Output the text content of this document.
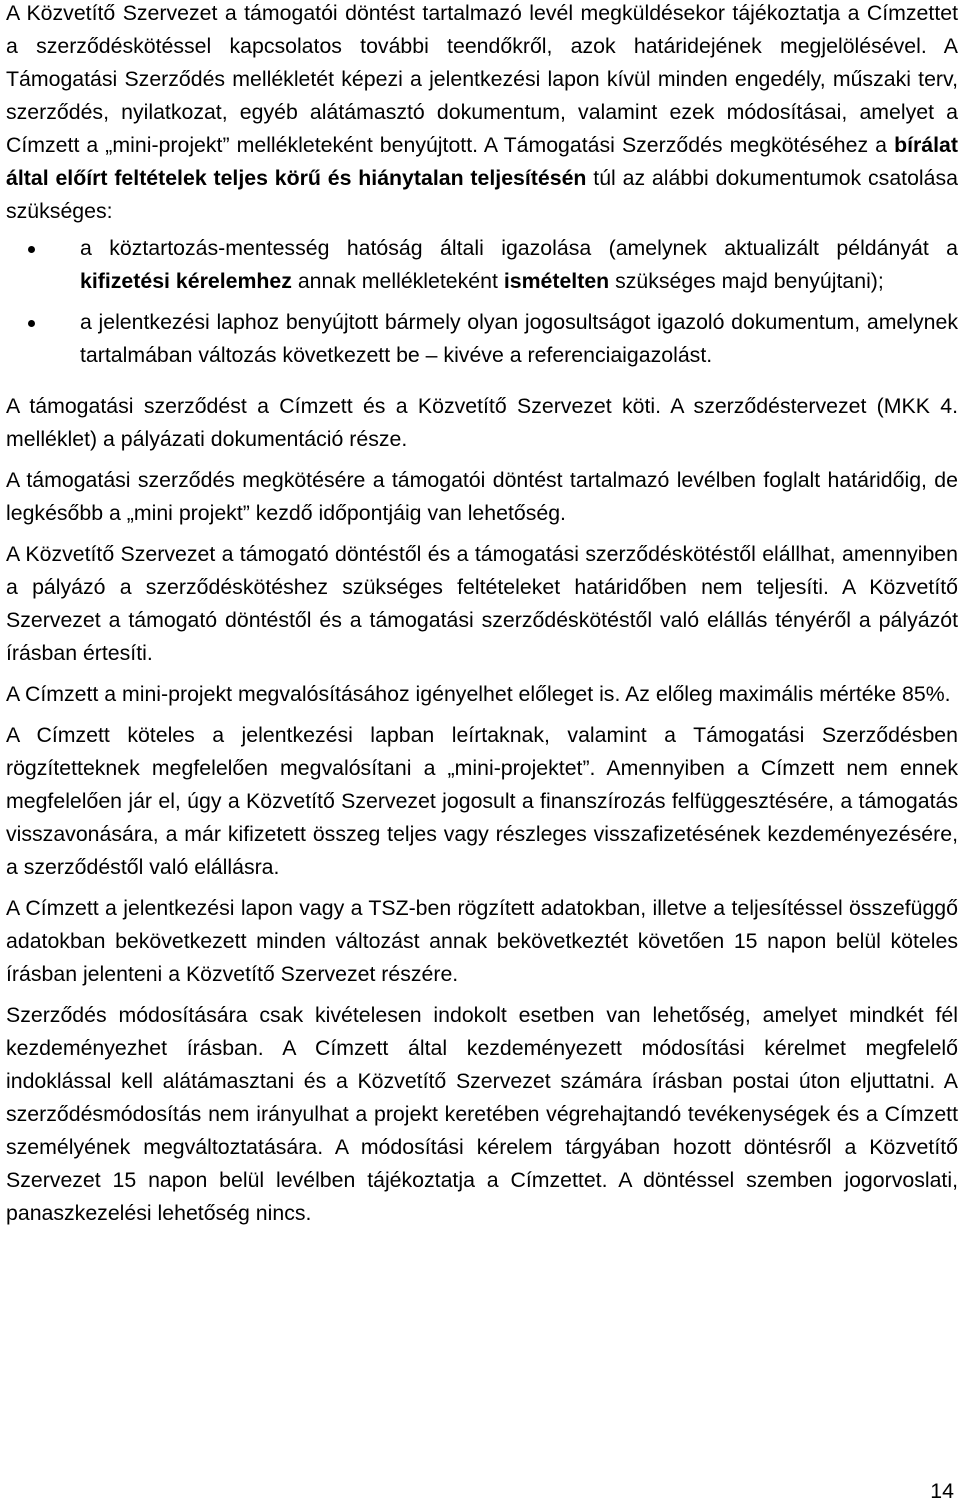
A Közvetítő Szervezet a támogatói döntést tartalmazó levél megküldésekor tájékoztatja a Címzettet a szerződéskötéssel kapcsolatos további teendőkről, azok határidejének megjelölésével. A Támogatási Szerződés mellékletét képezi a jelentkezési lapon kívül minden engedély, műszaki terv, szerződés, nyilatkozat, egyéb alátámasztó dokumentum, valamint ezek módosításai, amelyet a Címzett a „mini-projekt” mellékleteként benyújtott. A Támogatási Szerződés megkötéséhez a bírálat által előírt feltételek teljes körű és hiánytalan teljesítésén túl az alábbi dokumentumok csatolása szükséges:

a köztartozás-mentesség hatóság általi igazolása (amelynek aktualizált példányát a kifizetési kérelemhez annak mellékleteként ismételten szükséges majd benyújtani);
a jelentkezési laphoz benyújtott bármely olyan jogosultságot igazoló dokumentum, amelynek tartalmában változás következett be – kivéve a referenciaigazolást.

A támogatási szerződést a Címzett és a Közvetítő Szervezet köti. A szerződéstervezet (MKK 4. melléklet) a pályázati dokumentáció része.

A támogatási szerződés megkötésére a támogatói döntést tartalmazó levélben foglalt határidőig, de legkésőbb a „mini projekt” kezdő időpontjáig van lehetőség.

A Közvetítő Szervezet a támogató döntéstől és a támogatási szerződéskötéstől elállhat, amennyiben a pályázó a szerződéskötéshez szükséges feltételeket határidőben nem teljesíti. A Közvetítő Szervezet a támogató döntéstől és a támogatási szerződéskötéstől való elállás tényéről a pályázót írásban értesíti.

A Címzett a mini-projekt megvalósításához igényelhet előleget is. Az előleg maximális mértéke 85%.

A Címzett köteles a jelentkezési lapban leírtaknak, valamint a Támogatási Szerződésben rögzítetteknek megfelelően megvalósítani a „mini-projektet”. Amennyiben a Címzett nem ennek megfelelően jár el, úgy a Közvetítő Szervezet jogosult a finanszírozás felfüggesztésére, a támogatás visszavonására, a már kifizetett összeg teljes vagy részleges visszafizetésének kezdeményezésére, a szerződéstől való elállásra.

A Címzett a jelentkezési lapon vagy a TSZ-ben rögzített adatokban, illetve a teljesítéssel összefüggő adatokban bekövetkezett minden változást annak bekövetkeztét követően 15 napon belül köteles írásban jelenteni a Közvetítő Szervezet részére.

Szerződés módosítására csak kivételesen indokolt esetben van lehetőség, amelyet mindkét fél kezdeményezhet írásban. A Címzett által kezdeményezett módosítási kérelmet megfelelő indoklással kell alátámasztani és a Közvetítő Szervezet számára írásban postai úton eljuttatni. A szerződésmódosítás nem irányulhat a projekt keretében végrehajtandó tevékenységek és a Címzett személyének megváltoztatására. A módosítási kérelem tárgyában hozott döntésről a Közvetítő Szervezet 15 napon belül levélben tájékoztatja a Címzettet. A döntéssel szemben jogorvoslati, panaszkezelési lehetőség nincs.

14
